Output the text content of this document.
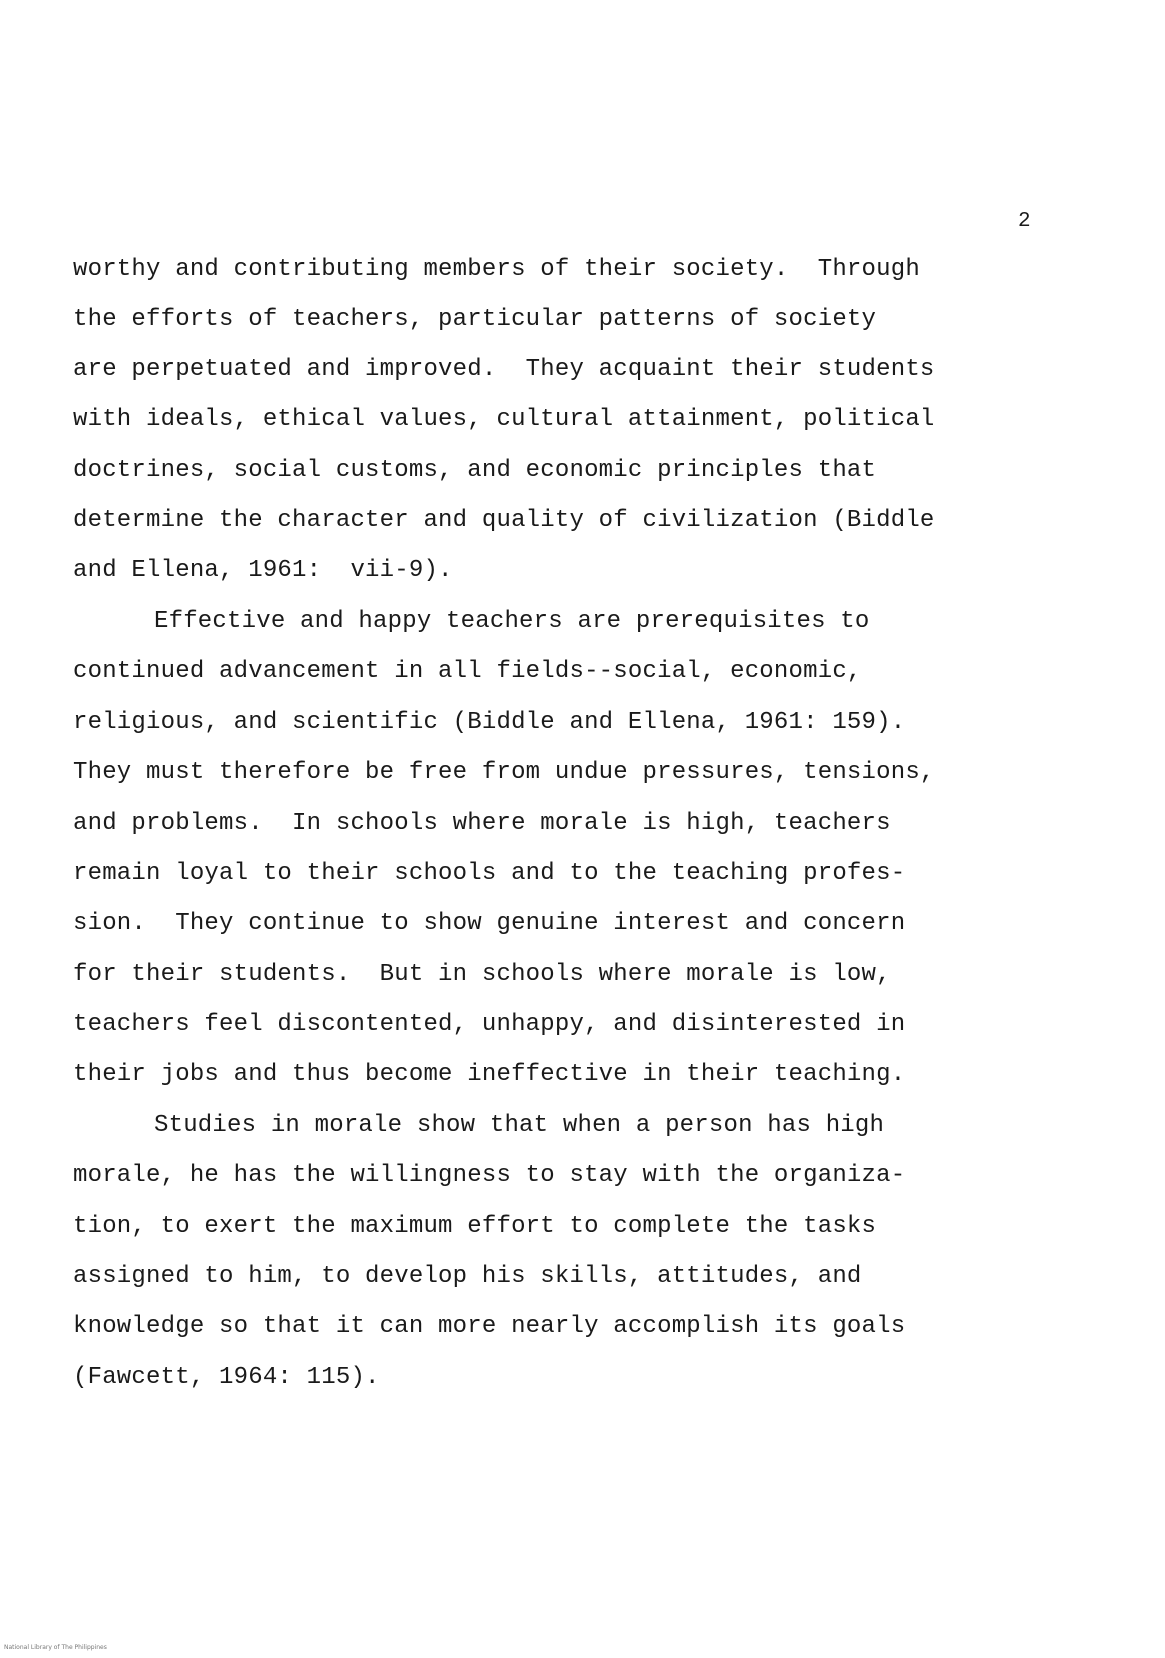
2
worthy and contributing members of their society.  Through
the efforts of teachers, particular patterns of society
are perpetuated and improved.  They acquaint their students
with ideals, ethical values, cultural attainment, political
doctrines, social customs, and economic principles that
determine the character and quality of civilization (Biddle
and Ellena, 1961:  vii-9).
Effective and happy teachers are prerequisites to
continued advancement in all fields--social, economic,
religious, and scientific (Biddle and Ellena, 1961: 159).
They must therefore be free from undue pressures, tensions,
and problems.  In schools where morale is high, teachers
remain loyal to their schools and to the teaching profes-
sion.  They continue to show genuine interest and concern
for their students.  But in schools where morale is low,
teachers feel discontented, unhappy, and disinterested in
their jobs and thus become ineffective in their teaching.
Studies in morale show that when a person has high
morale, he has the willingness to stay with the organiza-
tion, to exert the maximum effort to complete the tasks
assigned to him, to develop his skills, attitudes, and
knowledge so that it can more nearly accomplish its goals
(Fawcett, 1964: 115).
National Library of The Philippines
